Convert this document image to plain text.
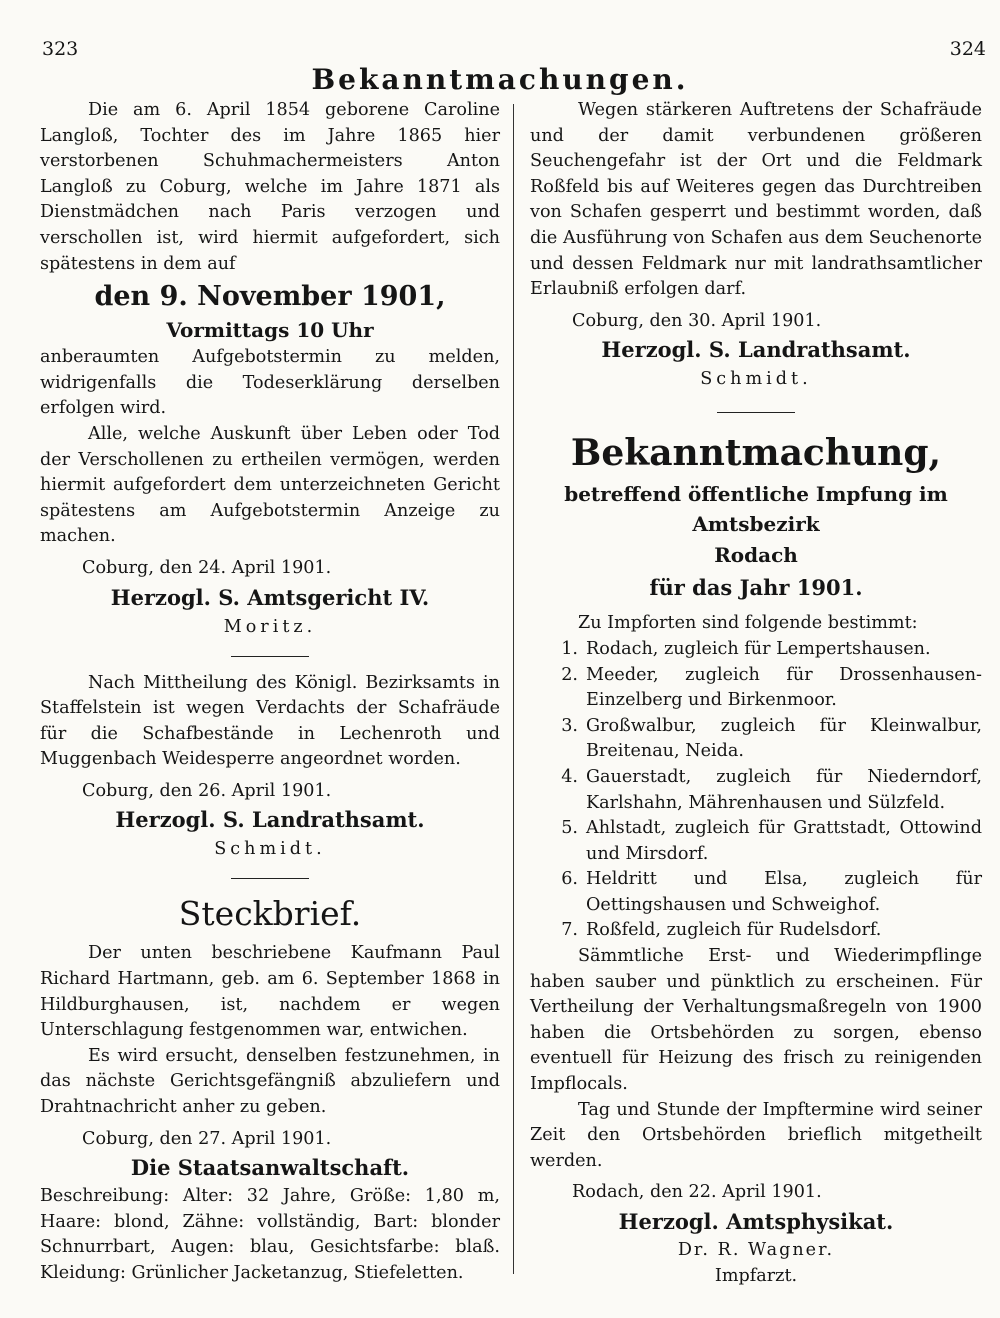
323	324
Bekanntmachungen.

Die am 6. April 1854 geborene Caroline Langloß, Tochter des im Jahre 1865 hier verstorbenen Schuhmachermeisters Anton Langloß zu Coburg, welche im Jahre 1871 als Dienstmädchen nach Paris verzogen und verschollen ist, wird hiermit aufgefordert, sich spätestens in dem auf

den 9. November 1901,
Vormittags 10 Uhr

anberaumten Aufgebotstermin zu melden, widrigenfalls die Todeserklärung derselben erfolgen wird.

Alle, welche Auskunft über Leben oder Tod der Verschollenen zu ertheilen vermögen, werden hiermit aufgefordert dem unterzeichneten Gericht spätestens am Aufgebotstermin Anzeige zu machen.

Coburg, den 24. April 1901.

Herzogl. S. Amtsgericht IV.
Moritz.

Nach Mittheilung des Königl. Bezirksamts in Staffelstein ist wegen Verdachts der Schafräude für die Schafbestände in Lechenroth und Muggenbach Weidesperre angeordnet worden.

Coburg, den 26. April 1901.

Herzogl. S. Landrathsamt.
Schmidt.
Steckbrief.

Der unten beschriebene Kaufmann Paul Richard Hartmann, geb. am 6. September 1868 in Hildburghausen, ist, nachdem er wegen Unterschlagung festgenommen war, entwichen.

Es wird ersucht, denselben festzunehmen, in das nächste Gerichtsgefängniß abzuliefern und Drahtnachricht anher zu geben.

Coburg, den 27. April 1901.

Die Staatsanwaltschaft.

Beschreibung: Alter: 32 Jahre, Größe: 1,80 m, Haare: blond, Zähne: vollständig, Bart: blonder Schnurrbart, Augen: blau, Gesichtsfarbe: blaß. Kleidung: Grünlicher Jacketanzug, Stiefeletten.

Wegen stärkeren Auftretens der Schafräude und der damit verbundenen größeren Seuchengefahr ist der Ort und die Feldmark Roßfeld bis auf Weiteres gegen das Durchtreiben von Schafen gesperrt und bestimmt worden, daß die Ausführung von Schafen aus dem Seuchenorte und dessen Feldmark nur mit landrathsamtlicher Erlaubniß erfolgen darf.

Coburg, den 30. April 1901.

Herzogl. S. Landrathsamt.
Schmidt.
Bekanntmachung,
betreffend öffentliche Impfung im Amtsbezirk
Rodach
für das Jahr 1901.

Zu Impforten sind folgende bestimmt:

1. Rodach, zugleich für Lempertshausen.
2. Meeder, zugleich für Drossenhausen-Einzelberg und Birkenmoor.
3. Großwalbur, zugleich für Kleinwalbur, Breitenau, Neida.
4. Gauerstadt, zugleich für Niederndorf, Karlshahn, Mährenhausen und Sülzfeld.
5. Ahlstadt, zugleich für Grattstadt, Ottowind und Mirsdorf.
6. Heldritt und Elsa, zugleich für Oettingshausen und Schweighof.
7. Roßfeld, zugleich für Rudelsdorf.

Sämmtliche Erst- und Wiederimpflinge haben sauber und pünktlich zu erscheinen. Für Vertheilung der Verhaltungsmaßregeln von 1900 haben die Ortsbehörden zu sorgen, ebenso eventuell für Heizung des frisch zu reinigenden Impflocals.

Tag und Stunde der Impftermine wird seiner Zeit den Ortsbehörden brieflich mitgetheilt werden.

Rodach, den 22. April 1901.

Herzogl. Amtsphysikat.
Dr. R. Wagner.
Impfarzt.
